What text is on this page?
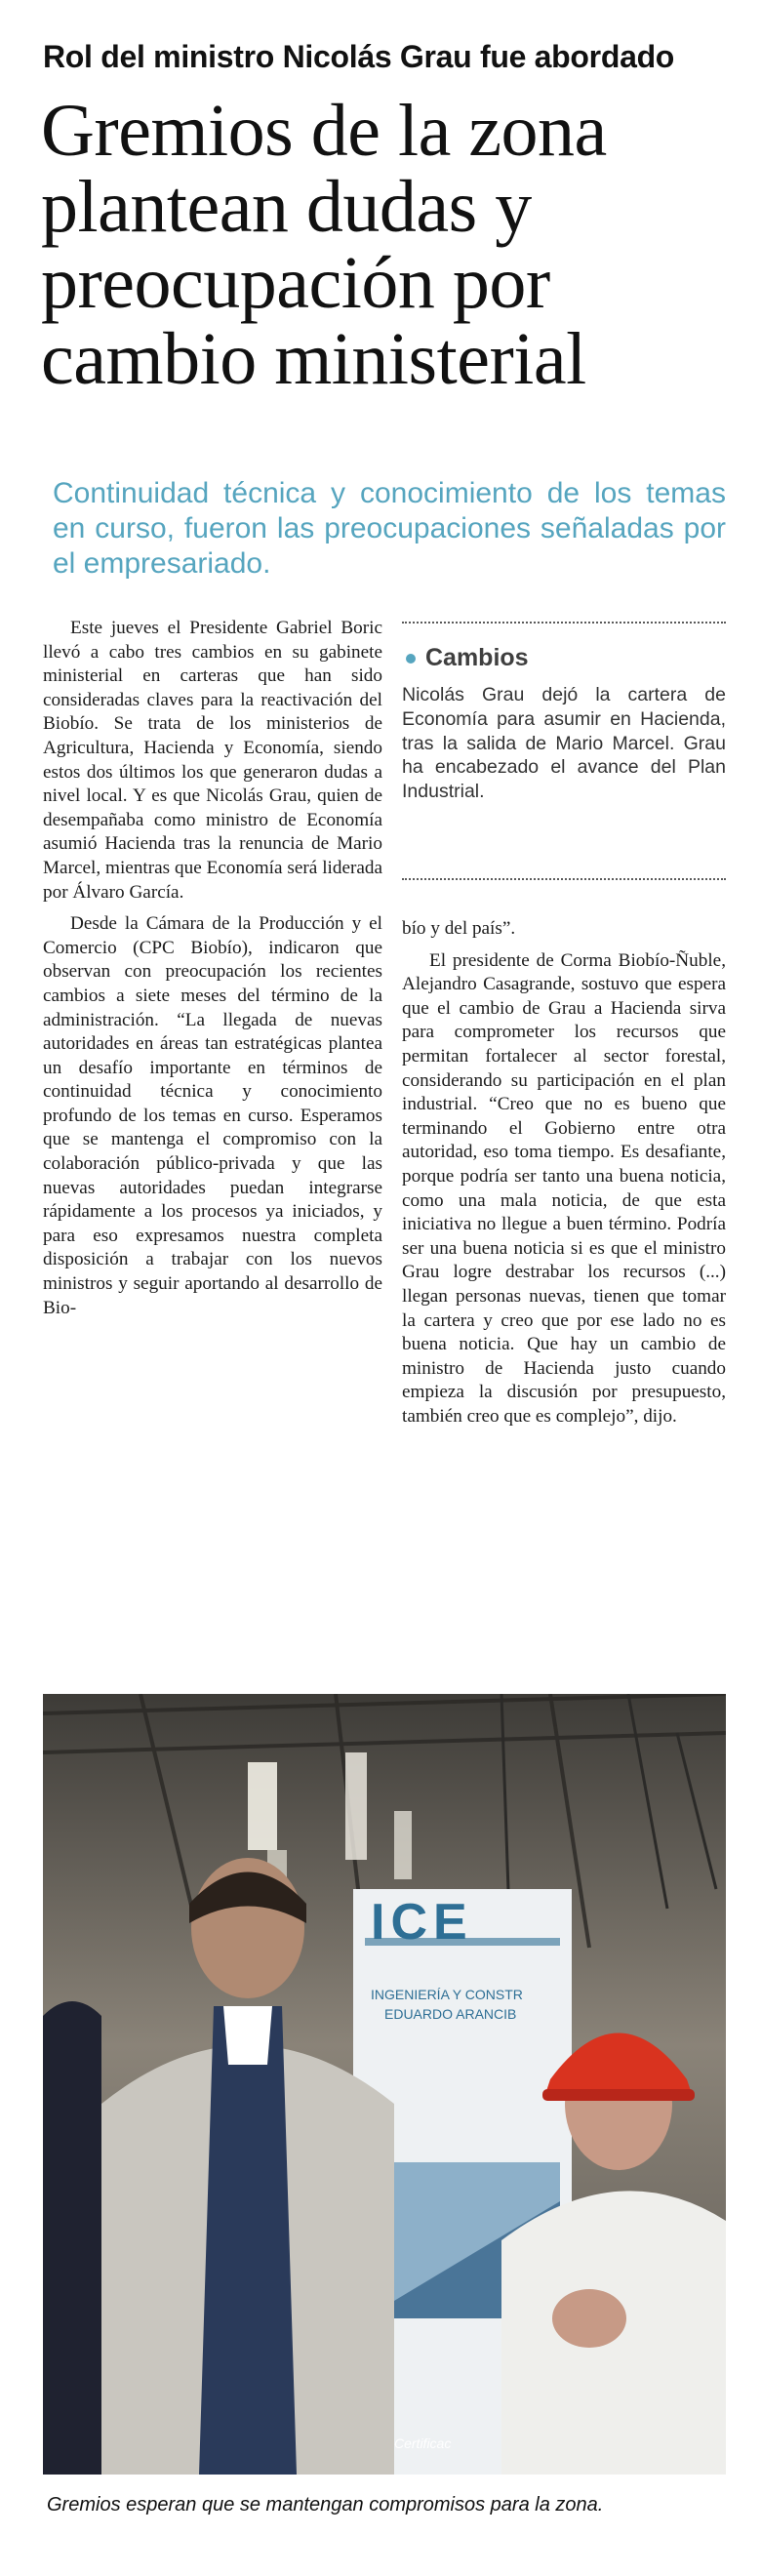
Rol del ministro Nicolás Grau fue abordado
Gremios de la zona plantean dudas y preocupación por cambio ministerial
Continuidad técnica y conocimiento de los temas en curso, fueron las preocupaciones señaladas por el empresariado.

Este jueves el Presidente Gabriel Boric llevó a cabo tres cambios en su gabinete ministerial en carteras que han sido consideradas claves para la reactivación del Biobío. Se trata de los ministerios de Agricultura, Hacienda y Economía, siendo estos dos últimos los que generaron dudas a nivel local. Y es que Nicolás Grau, quien de desempañaba como ministro de Economía asumió Hacienda tras la renuncia de Mario Marcel, mientras que Economía será liderada por Álvaro García.

Desde la Cámara de la Producción y el Comercio (CPC Biobío), indicaron que observan con preocupación los recientes cambios a siete meses del término de la administración. “La llegada de nuevas autoridades en áreas tan estratégicas plantea un desafío importante en términos de continuidad técnica y conocimiento profundo de los temas en curso. Esperamos que se mantenga el compromiso con la colaboración público-privada y que las nuevas autoridades puedan integrarse rápidamente a los procesos ya iniciados, y para eso expresamos nuestra completa disposición a trabajar con los nuevos ministros y seguir aportando al desarrollo de Bio-

Cambios
Nicolás Grau dejó la cartera de Economía para asumir en Hacienda, tras la salida de Mario Marcel. Grau ha encabezado el avance del Plan Industrial.

bío y del país”.

El presidente de Corma Biobío-Ñuble, Alejandro Casagrande, sostuvo que espera que el cambio de Grau a Hacienda sirva para comprometer los recursos que permitan fortalecer al sector forestal, considerando su participación en el plan industrial. “Creo que no es bueno que terminando el Gobierno entre otra autoridad, eso toma tiempo. Es desafiante, porque podría ser tanto una buena noticia, como una mala noticia, de que esta iniciativa no llegue a buen término. Podría ser una buena noticia si es que el ministro Grau logre destrabar los recursos (...) llegan personas nuevas, tienen que tomar la cartera y creo que por ese lado no es buena noticia. Que hay un cambio de ministro de Hacienda justo cuando empieza la discusión por presupuesto, también creo que es complejo”, dijo.

ICE
INGENIERÍA Y CONSTR
EDUARDO ARANCIB
Certificac
Gremios esperan que se mantengan compromisos para la zona.
